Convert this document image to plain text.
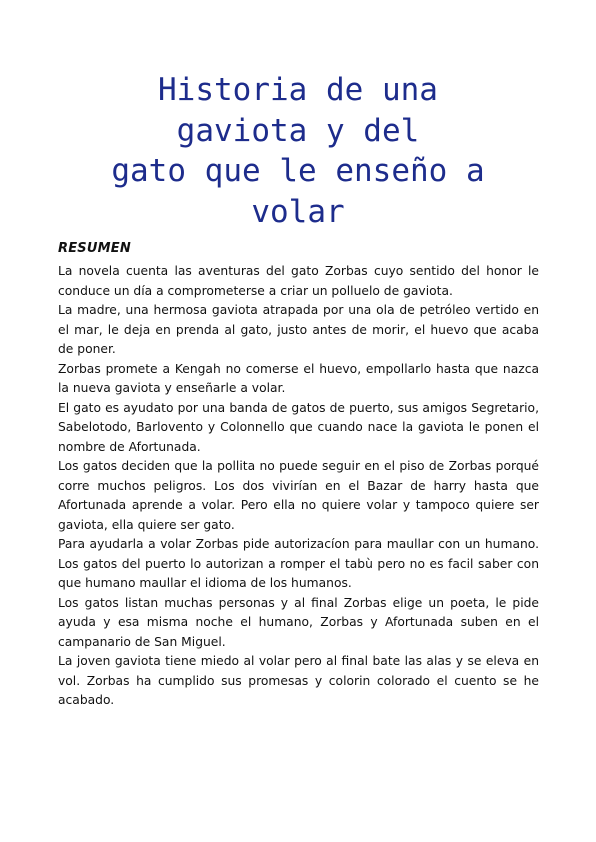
Historia de una
gaviota y del
gato que le enseño a
volar
RESUMEN

La novela cuenta las aventuras del gato Zorbas cuyo sentido del honor le conduce un día a comprometerse a criar un polluelo de gaviota.

La madre, una hermosa gaviota atrapada por una ola de petróleo vertido en el mar, le deja en prenda al gato, justo antes de morir, el huevo que acaba de poner.

Zorbas promete a Kengah no comerse el huevo, empollarlo hasta que nazca la nueva gaviota y enseñarle a volar.

El gato es ayudato por una banda de gatos de puerto, sus amigos Segretario, Sabelotodo, Barlovento y Colonnello que cuando nace la gaviota le ponen el nombre de Afortunada.

Los gatos deciden que la pollita no puede seguir en el piso de Zorbas porqué corre muchos peligros. Los dos vivirían en el Bazar de harry hasta que Afortunada aprende a volar. Pero ella no quiere volar y tampoco quiere ser gaviota, ella quiere ser gato.

Para ayudarla a volar Zorbas pide autorizacíon para maullar con un humano. Los gatos del puerto lo autorizan a romper el tabù pero no es facil saber con que humano maullar el idioma de los humanos.

Los gatos listan muchas personas y al final Zorbas elige un poeta, le pide ayuda y esa misma noche el humano, Zorbas y Afortunada suben en el campanario de San Miguel.

La joven gaviota tiene miedo al volar pero al final bate las alas y se eleva en vol. Zorbas ha cumplido sus promesas y colorin colorado el cuento se he acabado.
